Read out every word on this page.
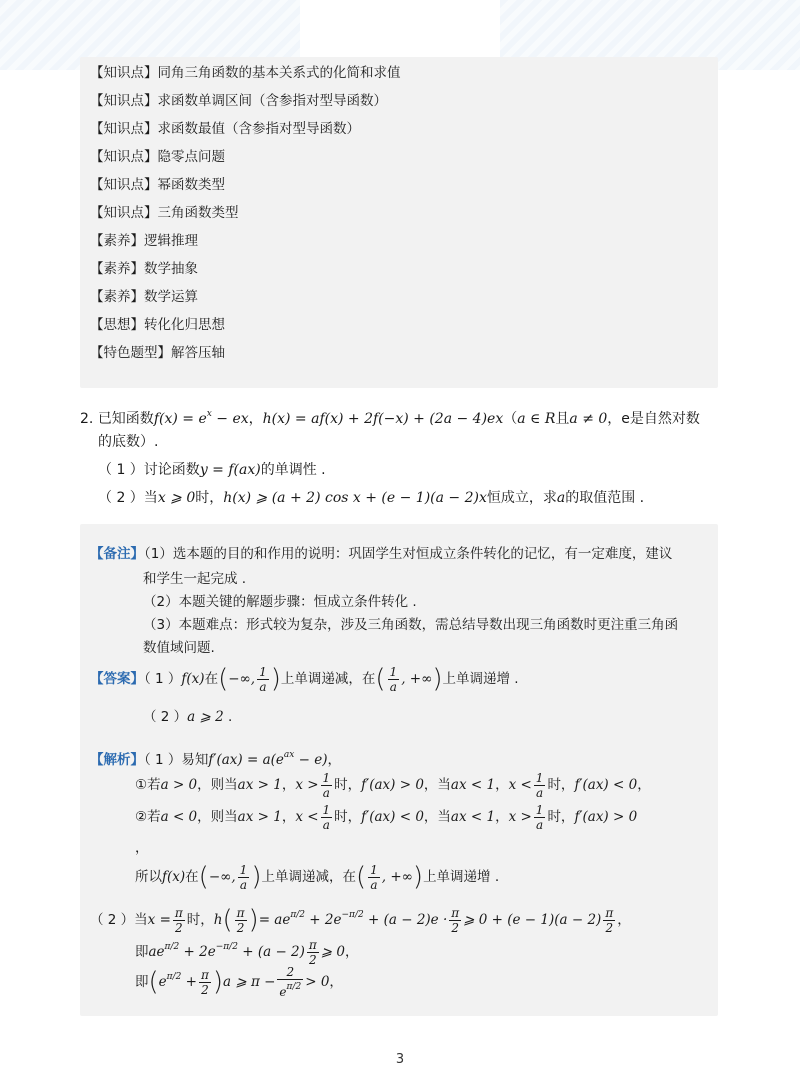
【知识点】同角三角函数的基本关系式的化简和求值
【知识点】求函数单调区间（含参指对型导函数）
【知识点】求函数最值（含参指对型导函数）
【知识点】隐零点问题
【知识点】幂函数类型
【知识点】三角函数类型
【素养】逻辑推理
【素养】数学抽象
【素养】数学运算
【思想】转化化归思想
【特色题型】解答压轴
2. 已知函数$f(x) = e^x$ − ex，h(x) = af(x) + 2f(−x) + (2a − 4)ex（a ∈ R且a ≠ 0，e是自然对数
的底数）.
（ 1 ）讨论函数y = f(ax)的单调性 .
（ 2 ）当x ⩾ 0时，h(x) ⩾ (a + 2) cos x + (e − 1)(a − 2)x恒成立，求a的取值范围 .
【备注】（1）选本题的目的和作用的说明：巩固学生对恒成立条件转化的记忆，有一定难度，建议
和学生一起完成 .
（2）本题关键的解题步骤：恒成立条件转化 .
（3）本题难点：形式较为复杂，涉及三角函数，需总结导数出现三角函数时更注重三角函
数值域问题.
【答案】（ 1 ）f(x)在(−∞, $\frac{1}{a}$ )上单调递减，在( $\frac{1}{a}$ , +∞)上单调递增 .
（ 2 ）a ⩾ 2 .
【解析】（ 1 ）易知$f'(ax) = a(e^{ax} - e)$，
①若a > 0，则当ax > 1，$x > \frac{1}{a}$ 时，f′(ax) > 0，当ax < 1，$x < \frac{1}{a}$ 时，f′(ax) < 0，
②若a < 0，则当ax > 1，$x < \frac{1}{a}$ 时，f′(ax) < 0，当ax < 1，$x > \frac{1}{a}$ 时，f′(ax) > 0
，
所以f(x)在(−∞, $\frac{1}{a}$ )上单调递减，在( $\frac{1}{a}$ , +∞)上单调递增 .
（ 2 ）当$x = \frac{\pi}{2}$ 时，$h( \frac{\pi}{2}$ )= $ae^{\pi/2} + 2e^{-\pi/2} + (a - 2)e \cdot \frac{\pi}{2}$ ⩾ $0 + (e - 1)(a - 2) \frac{\pi}{2}$ ，
即$ae^{\pi/2} + 2e^{-\pi/2} + (a - 2) \frac{\pi}{2}$ ⩾ 0，
即$(e^{\pi/2} + \frac{\pi}{2} )a$ ⩾ $\pi - \frac{2}{e^{\pi/2}} > 0$，
3
